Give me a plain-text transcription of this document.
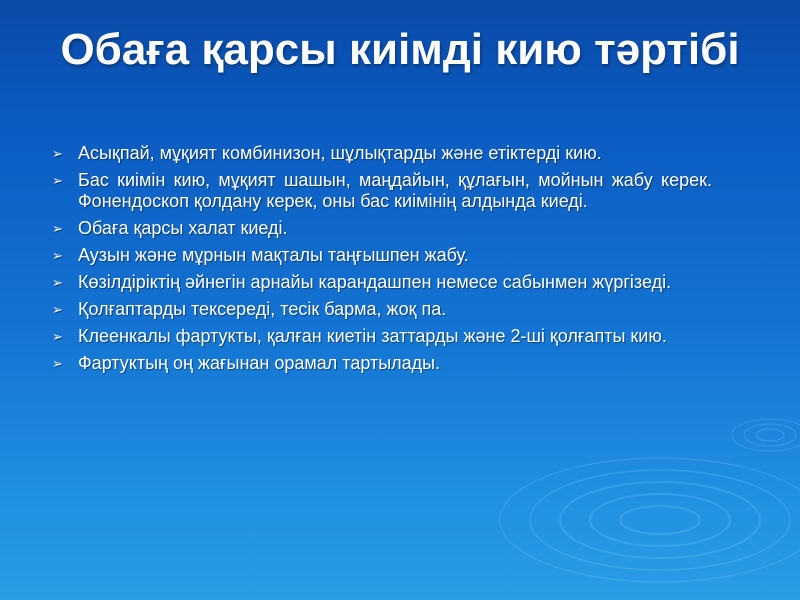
Обаға қарсы киімді кию тәртібі
➢ Асықпай, мұқият комбинизон, шұлықтарды және етіктерді кию.
➢ Бас киімін кию, мұқият шашын, маңдайын, құлағын, мойнын жабу керек. Фонендоскоп қолдану керек, оны бас киімінің алдында киеді.
➢ Обаға қарсы халат киеді.
➢ Аузын және мұрнын мақталы таңғышпен жабу.
➢ Көзілдіріктің әйнегін арнайы карандашпен немесе сабынмен жүргізеді.
➢ Қолғаптарды тексереді, тесік барма, жоқ па.
➢ Клеенкалы фартукты, қалған киетін заттарды және 2-ші қолғапты кию.
➢ Фартуктың оң жағынан орамал тартылады.
